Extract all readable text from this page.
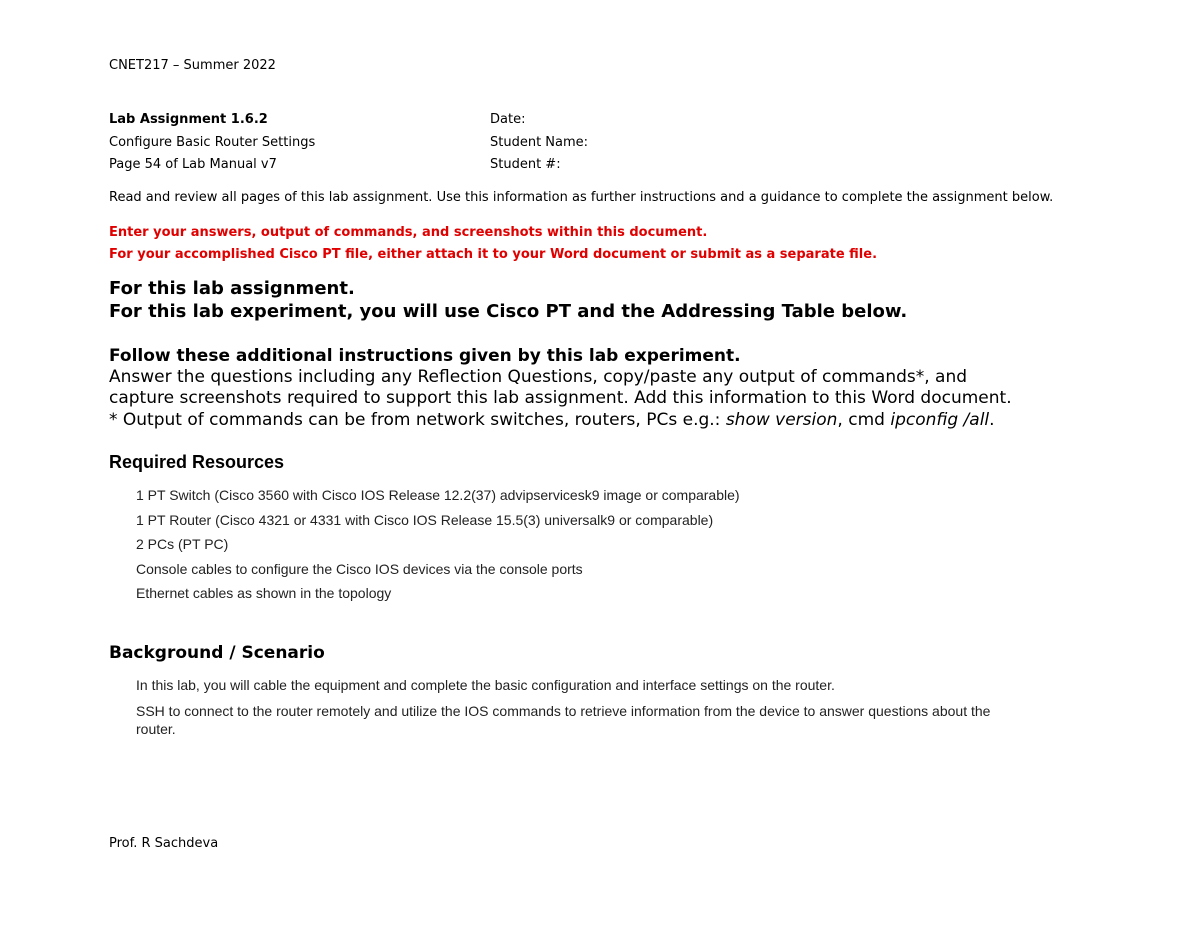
CNET217 – Summer 2022
Lab Assignment 1.6.2
Configure Basic Router Settings
Page 54 of Lab Manual v7
Date:
Student Name:
Student #:
Read and review all pages of this lab assignment. Use this information as further instructions and a guidance to complete the assignment below.
Enter your answers, output of commands, and screenshots within this document.
For your accomplished Cisco PT file, either attach it to your Word document or submit as a separate file.
For this lab assignment.
For this lab experiment, you will use Cisco PT and the Addressing Table below.
Follow these additional instructions given by this lab experiment.
Answer the questions including any Reflection Questions, copy/paste any output of commands*, and
capture screenshots required to support this lab assignment. Add this information to this Word document.
* Output of commands can be from network switches, routers, PCs e.g.: show version, cmd ipconfig /all.
Required Resources
1 PT Switch (Cisco 3560 with Cisco IOS Release 12.2(37) advipservicesk9 image or comparable)
1 PT Router (Cisco 4321 or 4331 with Cisco IOS Release 15.5(3) universalk9 or comparable)
2 PCs (PT PC)
Console cables to configure the Cisco IOS devices via the console ports
Ethernet cables as shown in the topology
Background / Scenario
In this lab, you will cable the equipment and complete the basic configuration and interface settings on the router.
SSH to connect to the router remotely and utilize the IOS commands to retrieve information from the device to answer questions about the
router.
Prof. R Sachdeva
